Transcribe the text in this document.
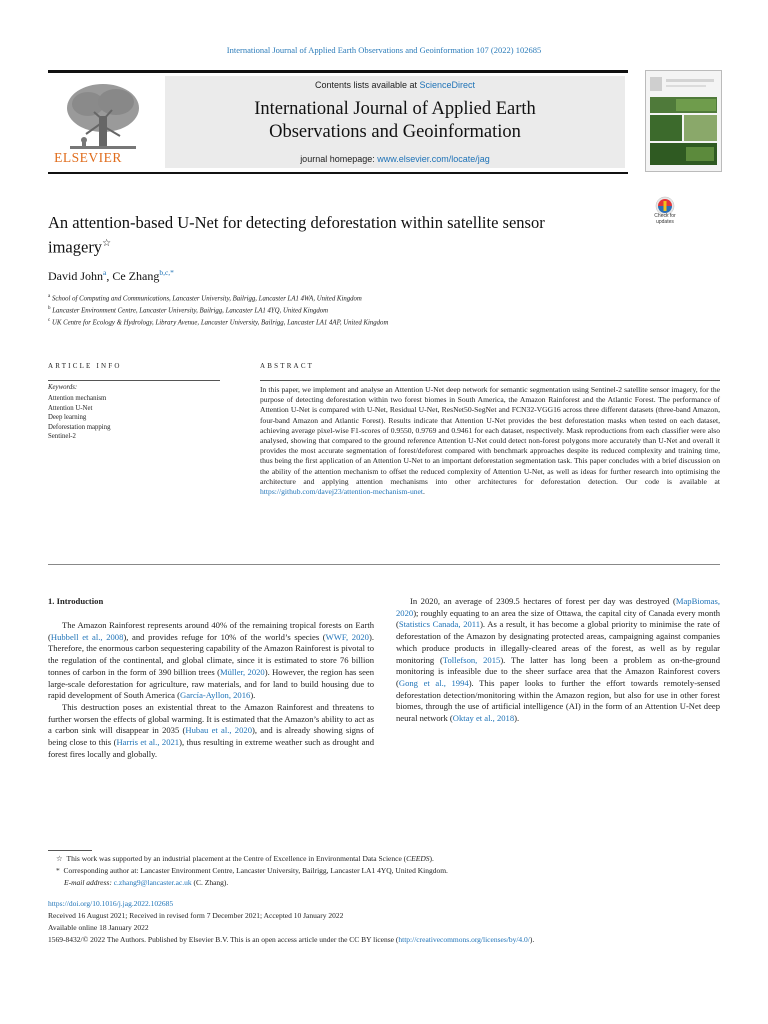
International Journal of Applied Earth Observations and Geoinformation 107 (2022) 102685
ELSEVIER
Contents lists available at ScienceDirect
International Journal of Applied Earth
Observations and Geoinformation
journal homepage: www.elsevier.com/locate/jag
Check for updates
An attention-based U-Net for detecting deforestation within satellite sensor imagery☆
David John$^a$, Ce Zhang$^{b,c,*}$
$^a$ School of Computing and Communications, Lancaster University, Bailrigg, Lancaster LA1 4WA, United Kingdom
$^b$ Lancaster Environment Centre, Lancaster University, Bailrigg, Lancaster LA1 4YQ, United Kingdom
$^c$ UK Centre for Ecology & Hydrology, Library Avenue, Lancaster University, Bailrigg, Lancaster LA1 4AP, United Kingdom
ARTICLE INFO	ABSTRACT
Keywords:
Attention mechanism
Attention U-Net
Deep learning
Deforestation mapping
Sentinel-2
In this paper, we implement and analyse an Attention U-Net deep network for semantic segmentation using Sentinel-2 satellite sensor imagery, for the purpose of detecting deforestation within two forest biomes in South America, the Amazon Rainforest and the Atlantic Forest. The performance of Attention U-Net is compared with U-Net, Residual U-Net, ResNet50-SegNet and FCN32-VGG16 across three different datasets (three-band Amazon, four-band Amazon and Atlantic Forest). Results indicate that Attention U-Net provides the best deforestation masks when tested on each dataset, achieving average pixel-wise F1-scores of 0.9550, 0.9769 and 0.9461 for each dataset, respectively. Mask reproductions from each classifier were also analysed, showing that compared to the ground reference Attention U-Net could detect non-forest polygons more accurately than U-Net and overall it provides the most accurate segmentation of forest/deforest compared with benchmark approaches despite its reduced complexity and training time, thus being the first application of an Attention U-Net to an important deforestation segmentation task. This paper concludes with a brief discussion on the ability of the attention mechanism to offset the reduced complexity of Attention U-Net, as well as ideas for further research into optimising the architecture and applying attention mechanisms into other architectures for deforestation detection. Our code is available at https://github.com/davej23/attention-mechanism-unet.
1. Introduction

The Amazon Rainforest represents around 40% of the remaining tropical forests on Earth (Hubbell et al., 2008), and provides refuge for 10% of the world’s species (WWF, 2020). Therefore, the enormous carbon sequestering capability of the Amazon Rainforest is pivotal to the regulation of the continental, and global climate, since it is estimated to store 76 billion tonnes of carbon in the form of 390 billion trees (Müller, 2020). However, the region has seen large-scale deforestation for agriculture, raw materials, and for land to build housing due to rapid development of South America (García-Ayllon, 2016).

This destruction poses an existential threat to the Amazon Rainforest and threatens to further worsen the effects of global warming. It is estimated that the Amazon’s ability to act as a carbon sink will disappear in 2035 (Hubau et al., 2020), and is already showing signs of being close to this (Harris et al., 2021), thus resulting in extreme weather such as drought and forest fires locally and globally.

In 2020, an average of 2309.5 hectares of forest per day was destroyed (MapBiomas, 2020); roughly equating to an area the size of Ottawa, the capital city of Canada every month (Statistics Canada, 2011). As a result, it has become a global priority to minimise the rate of deforestation of the Amazon by designating protected areas, campaigning against companies which produce products in illegally-cleared areas of the forest, as well as by regular monitoring (Tollefson, 2015). The latter has long been a problem as on-the-ground monitoring is infeasible due to the sheer surface area that the Amazon Rainforest covers (Gong et al., 1994). This paper looks to further the effort towards remotely-sensed deforestation detection/monitoring within the Amazon region, but also for use in other forest biomes, through the use of artificial intelligence (AI) in the form of an Attention U-Net deep neural network (Oktay et al., 2018).

☆ This work was supported by an industrial placement at the Centre of Excellence in Environmental Data Science (CEEDS).
* Corresponding author at: Lancaster Environment Centre, Lancaster University, Bailrigg, Lancaster LA1 4YQ, United Kingdom.
E-mail address: c.zhang9@lancaster.ac.uk (C. Zhang).
https://doi.org/10.1016/j.jag.2022.102685
Received 16 August 2021; Received in revised form 7 December 2021; Accepted 10 January 2022
Available online 18 January 2022
1569-8432/© 2022 The Authors. Published by Elsevier B.V. This is an open access article under the CC BY license (http://creativecommons.org/licenses/by/4.0/).
